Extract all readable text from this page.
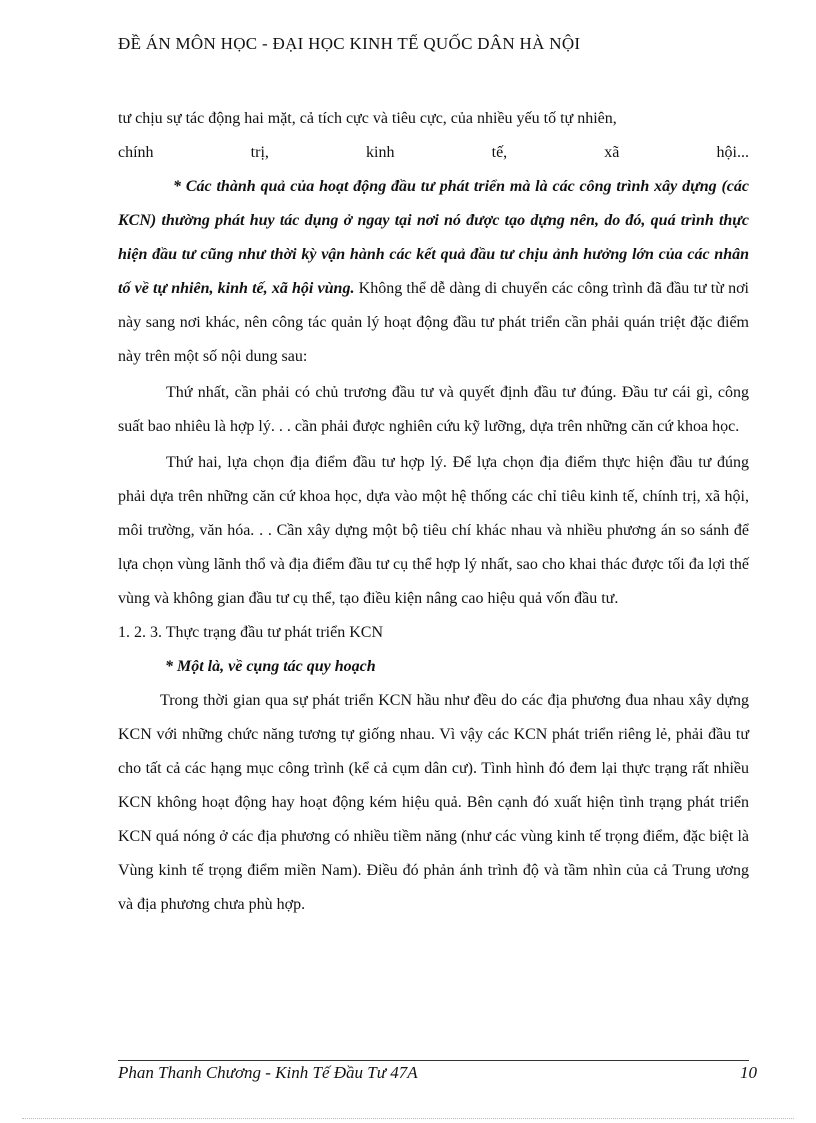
ĐỀ ÁN MÔN HỌC - ĐẠI HỌC KINH TẾ QUỐC DÂN HÀ NỘI

tư chịu sự tác động hai mặt, cả tích cực và tiêu cực, của nhiều yếu tố tự nhiên,

chính trị, kinh tế, xã hội...

* Các thành quả của hoạt động đầu tư phát triển mà là các công trình xây dựng (các KCN) thường phát huy tác dụng ở ngay tại nơi nó được tạo dựng nên, do đó, quá trình thực hiện đầu tư cũng như thời kỳ vận hành các kết quả đầu tư chịu ảnh hưởng lớn của các nhân tố về tự nhiên, kinh tế, xã hội vùng. Không thể dễ dàng di chuyển các công trình đã đầu tư từ nơi này sang nơi khác, nên công tác quản lý hoạt động đầu tư phát triển cần phải quán triệt đặc điểm này trên một số nội dung sau:

Thứ nhất, cần phải có chủ trương đầu tư và quyết định đầu tư đúng. Đầu tư cái gì, công suất bao nhiêu là hợp lý. . . cần phải được nghiên cứu kỹ lưỡng, dựa trên những căn cứ khoa học.

Thứ hai, lựa chọn địa điểm đầu tư hợp lý. Để lựa chọn địa điểm thực hiện đầu tư đúng phải dựa trên những căn cứ khoa học, dựa vào một hệ thống các chỉ tiêu kinh tế, chính trị, xã hội, môi trường, văn hóa. . . Cần xây dựng một bộ tiêu chí khác nhau và nhiều phương án so sánh để lựa chọn vùng lãnh thổ và địa điểm đầu tư cụ thể hợp lý nhất, sao cho khai thác được tối đa lợi thế vùng và không gian đầu tư cụ thể, tạo điều kiện nâng cao hiệu quả vốn đầu tư.

1. 2. 3. Thực trạng đầu tư phát triển KCN

* Một là, về cụng tác quy hoạch

Trong thời gian qua sự phát triển KCN hầu như đều do các địa phương đua nhau xây dựng KCN với những chức năng tương tự giống nhau. Vì vậy các KCN phát triển riêng lẻ, phải đầu tư cho tất cả các hạng mục công trình (kể cả cụm dân cư). Tình hình đó đem lại thực trạng rất nhiều KCN không hoạt động hay hoạt động kém hiệu quả. Bên cạnh đó xuất hiện tình trạng phát triển KCN quá nóng ở các địa phương có nhiều tiềm năng (như các vùng kinh tế trọng điểm, đặc biệt là Vùng kinh tế trọng điểm miền Nam). Điều đó phản ánh trình độ và tầm nhìn của cả Trung ương và địa phương chưa phù hợp.

Phan Thanh Chương - Kinh Tế Đầu Tư 47A	10
